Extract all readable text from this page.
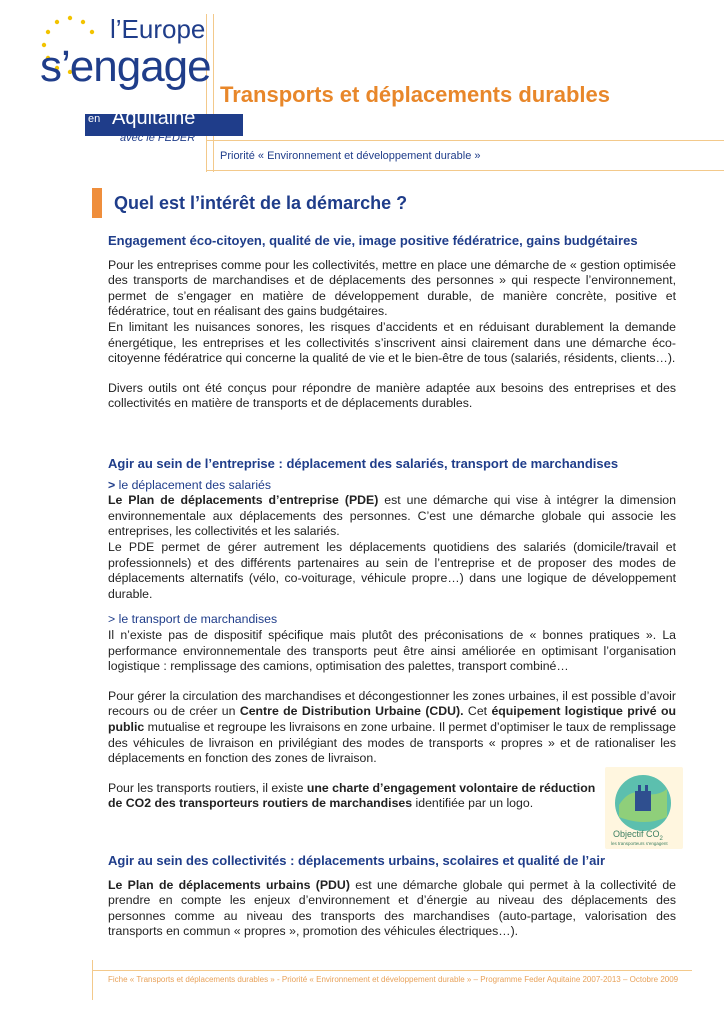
l’Europe
s’engage
en Aquitaine
avec le FEDER
Transports et déplacements durables

Priorité « Environnement et développement durable »

Quel est l’intérêt de la démarche ?

Engagement éco-citoyen, qualité de vie, image positive fédératrice, gains budgétaires

Pour les entreprises comme pour les collectivités, mettre en place une démarche de « gestion optimisée des transports de marchandises et de déplacements des personnes » qui respecte l’environnement, permet de s’engager en matière de développement durable, de manière concrète, positive et fédératrice, tout en réalisant des gains budgétaires.

En limitant les nuisances sonores, les risques d’accidents et en réduisant durablement la demande énergétique, les entreprises et les collectivités s’inscrivent ainsi clairement dans une démarche éco-citoyenne fédératrice qui concerne la qualité de vie et le bien-être de tous (salariés, résidents, clients…).

Divers outils ont été conçus pour répondre de manière adaptée aux besoins des entreprises et des collectivités en matière de transports et de déplacements durables.

Agir au sein de l’entreprise : déplacement des salariés, transport de marchandises

> le déplacement des salariés

Le Plan de déplacements d’entreprise (PDE) est une démarche qui vise à intégrer la dimension environnementale aux déplacements des personnes. C’est une démarche globale qui associe les entreprises, les collectivités et les salariés.

Le PDE permet de gérer autrement les déplacements quotidiens des salariés (domicile/travail et professionnels) et des différents partenaires au sein de l’entreprise et de proposer des modes de déplacements alternatifs (vélo, co-voiturage, véhicule propre…) dans une logique de développement durable.

> le transport de marchandises

Il n’existe pas de dispositif spécifique mais plutôt des préconisations de « bonnes pratiques ». La performance environnementale des transports peut être ainsi améliorée en optimisant l’organisation logistique : remplissage des camions, optimisation des palettes, transport combiné…

Pour gérer la circulation des marchandises et décongestionner les zones urbaines, il est possible d’avoir recours ou de créer un Centre de Distribution Urbaine (CDU). Cet équipement logistique privé ou public mutualise et regroupe les livraisons en zone urbaine. Il permet d’optimiser le taux de remplissage des véhicules de livraison en privilégiant des modes de transports « propres » et de rationaliser les déplacements en fonction des zones de livraison.

Pour les transports routiers, il existe une charte d’engagement volontaire de réduction de CO2 des transporteurs routiers de marchandises identifiée par un logo.

Objectif $CO_2$
les transporteurs s'engagent

Agir au sein des collectivités : déplacements urbains, scolaires et qualité de l’air

Le Plan de déplacements urbains (PDU) est une démarche globale qui permet à la collectivité de prendre en compte les enjeux d’environnement et d’énergie au niveau des déplacements des personnes comme au niveau des transports des marchandises (auto-partage, valorisation des transports en commun « propres », promotion des véhicules électriques…).

Fiche « Transports et déplacements durables » - Priorité « Environnement et développement durable » – Programme Feder Aquitaine 2007-2013 – Octobre 2009
